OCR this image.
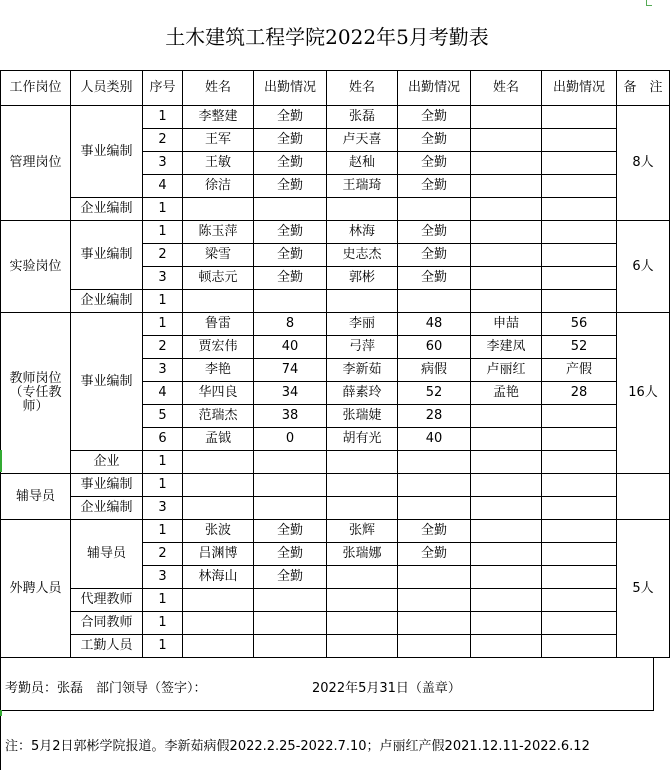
土木建筑工程学院2022年5月考勤表
工作岗位	人员类别	序号	姓名	出勤情况	姓名	出勤情况	姓名	出勤情况	备　注
管理岗位	事业编制	1	李整建	全勤	张磊	全勤			8人
		2	王军	全勤	卢天喜	全勤			
		3	王敏	全勤	赵秈	全勤			
		4	徐洁	全勤	王瑞琦	全勤			
	企业编制	1							
实验岗位	事业编制	1	陈玉萍	全勤	林海	全勤			6人
		2	梁雪	全勤	史志杰	全勤			
		3	顿志元	全勤	郭彬	全勤			
	企业编制	1							
教师岗位（专任教师）	事业编制	1	鲁雷	8	李丽	48	申喆	56	16人
		2	贾宏伟	40	弓萍	60	李建凤	52	
		3	李艳	74	李新茹	病假	卢丽红	产假	
		4	华四良	34	薛素玲	52	孟艳	28	
		5	范瑞杰	38	张瑞婕	28			
		6	孟钺	0	胡有光	40			
	企业	1							
辅导员	事业编制	1							
	企业编制	3							
外聘人员	辅导员	1	张波	全勤	张辉	全勤			5人
		2	吕渊博	全勤	张瑞娜	全勤			
		3	林海山	全勤					
	代理教师	1							
	合同教师	1							
	工勤人员	1							
考勤员：张磊　部门领导（签字）：	2022年5月31日（盖章）
注：5月2日郭彬学院报道。李新茹病假2022.2.25-2022.7.10；卢丽红产假2021.12.11-2022.6.12
